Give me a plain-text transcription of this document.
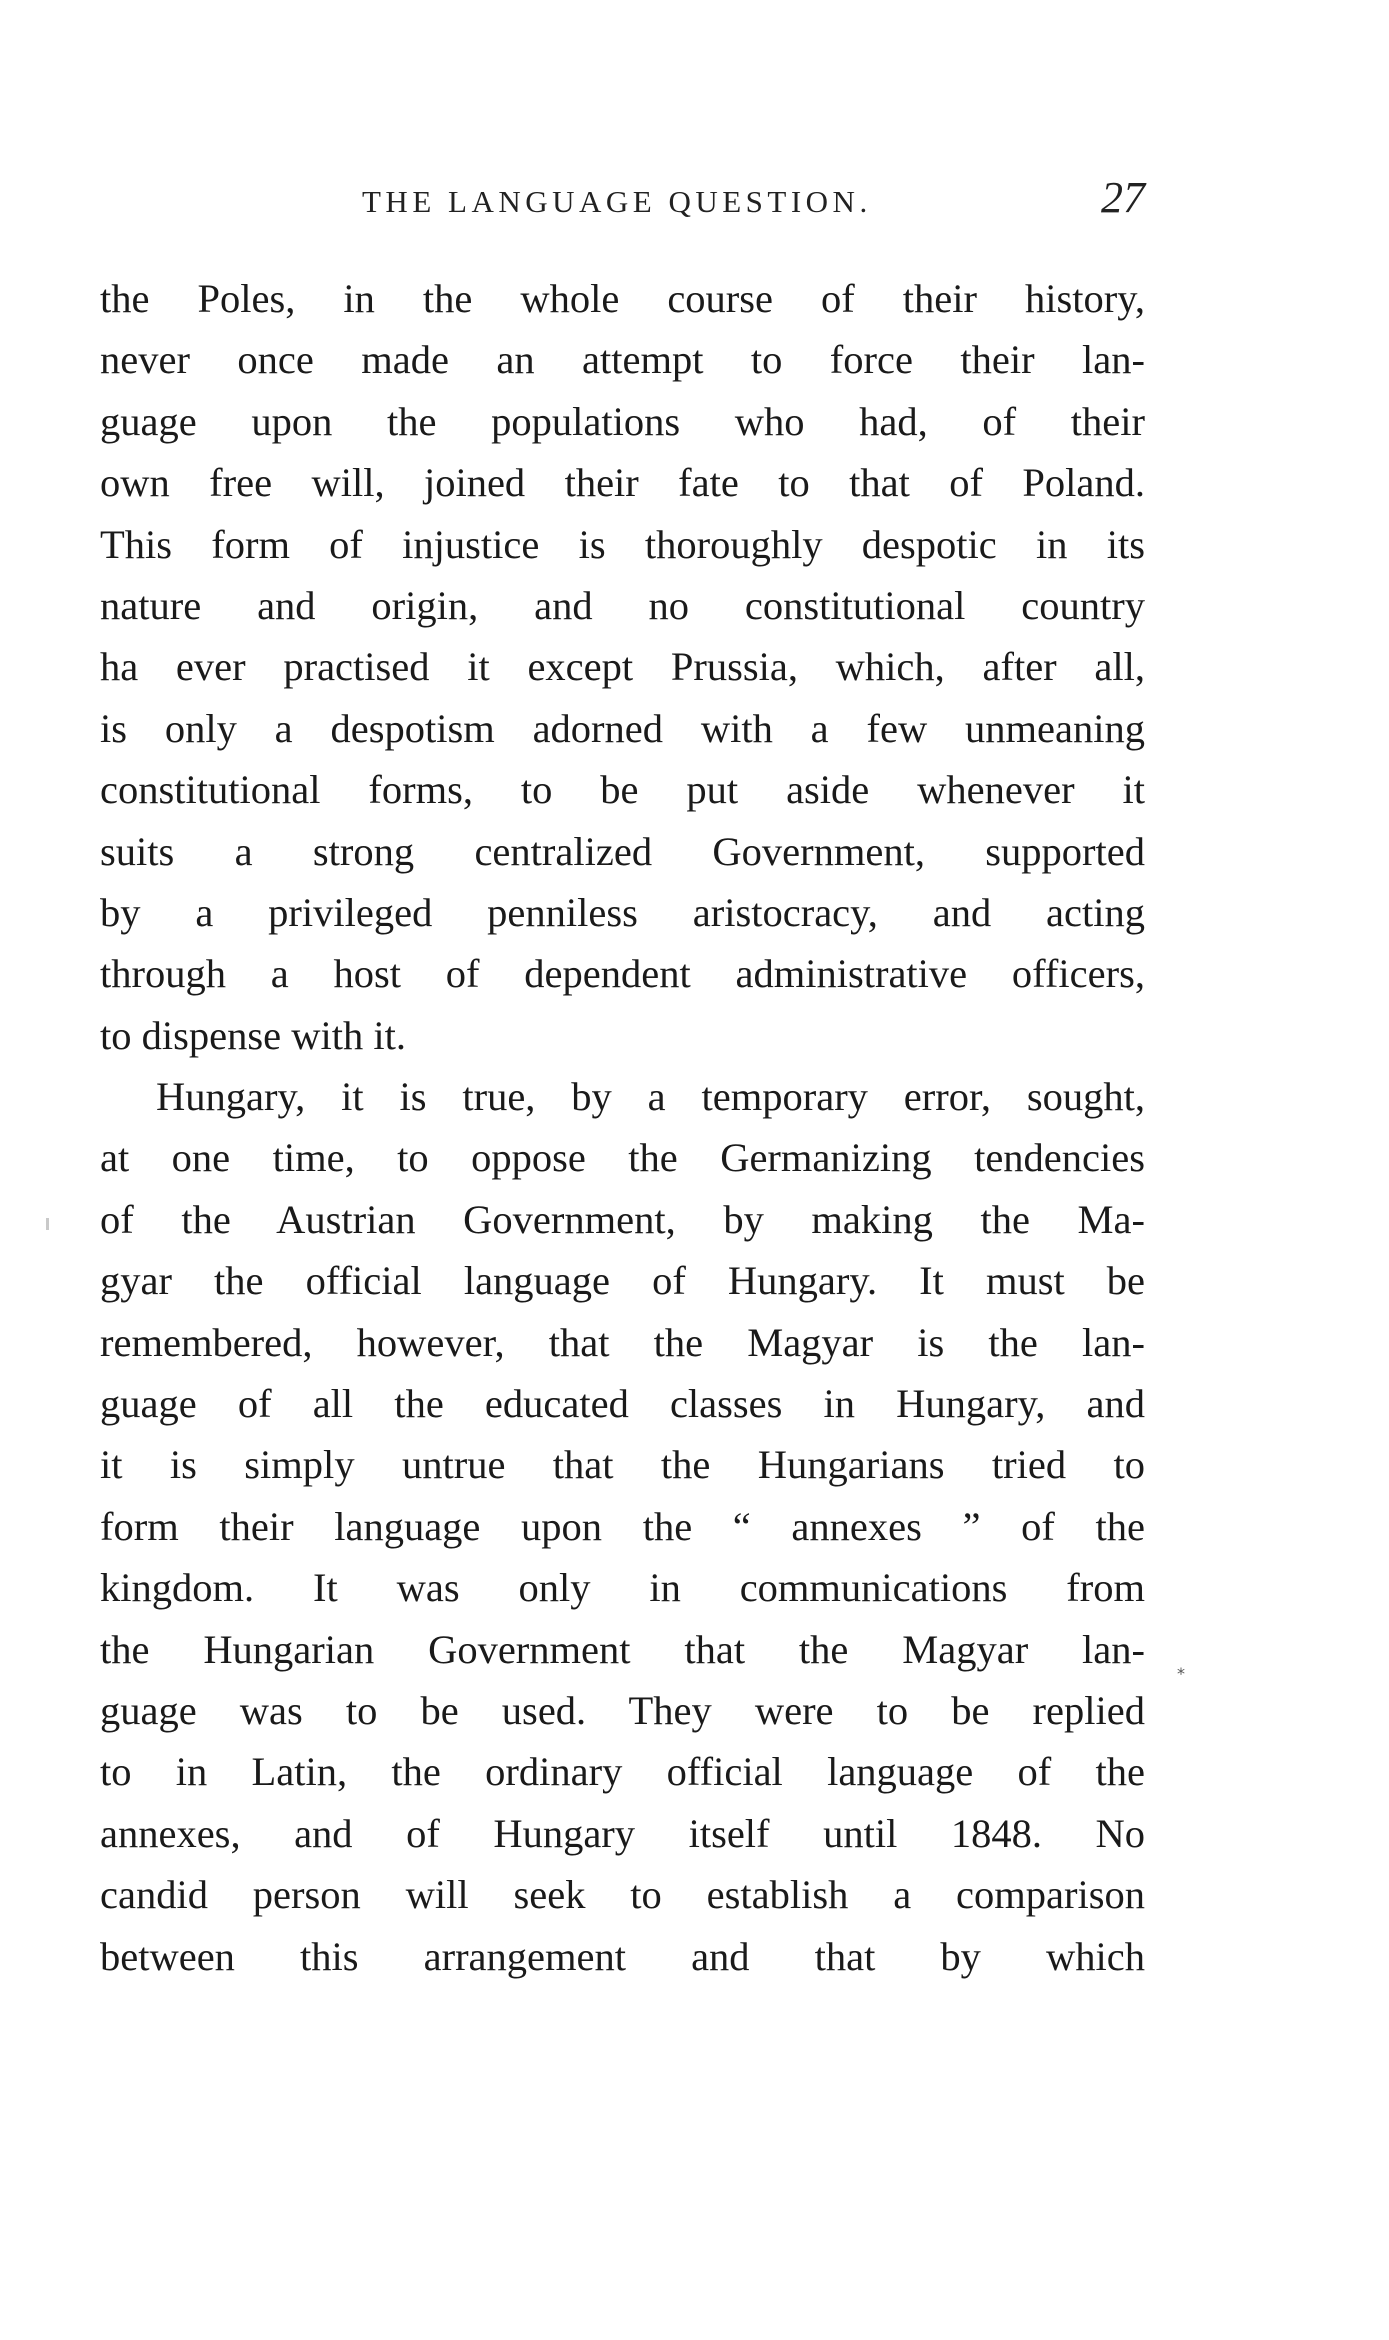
THE LANGUAGE QUESTION.	27
the Poles, in the whole course of their history,
never once made an attempt to force their lan-
guage upon the populations who had, of their
own free will, joined their fate to that of Poland.
This form of injustice is thoroughly despotic in its
nature and origin, and no constitutional country
ha ever practised it except Prussia, which, after all,
is only a despotism adorned with a few unmeaning
constitutional forms, to be put aside whenever it
suits a strong centralized Government, supported
by a privileged penniless aristocracy, and acting
through a host of dependent administrative officers,
to dispense with it.
Hungary, it is true, by a temporary error, sought,
at one time, to oppose the Germanizing tendencies
of the Austrian Government, by making the Ma-
gyar the official language of Hungary. It must be
remembered, however, that the Magyar is the lan-
guage of all the educated classes in Hungary, and
it is simply untrue that the Hungarians tried to
form their language upon the “ annexes ” of the
kingdom. It was only in communications from
the Hungarian Government that the Magyar lan-
guage was to be used. They were to be replied
to in Latin, the ordinary official language of the
annexes, and of Hungary itself until 1848. No
candid person will seek to establish a comparison
between this arrangement and that by which
*
